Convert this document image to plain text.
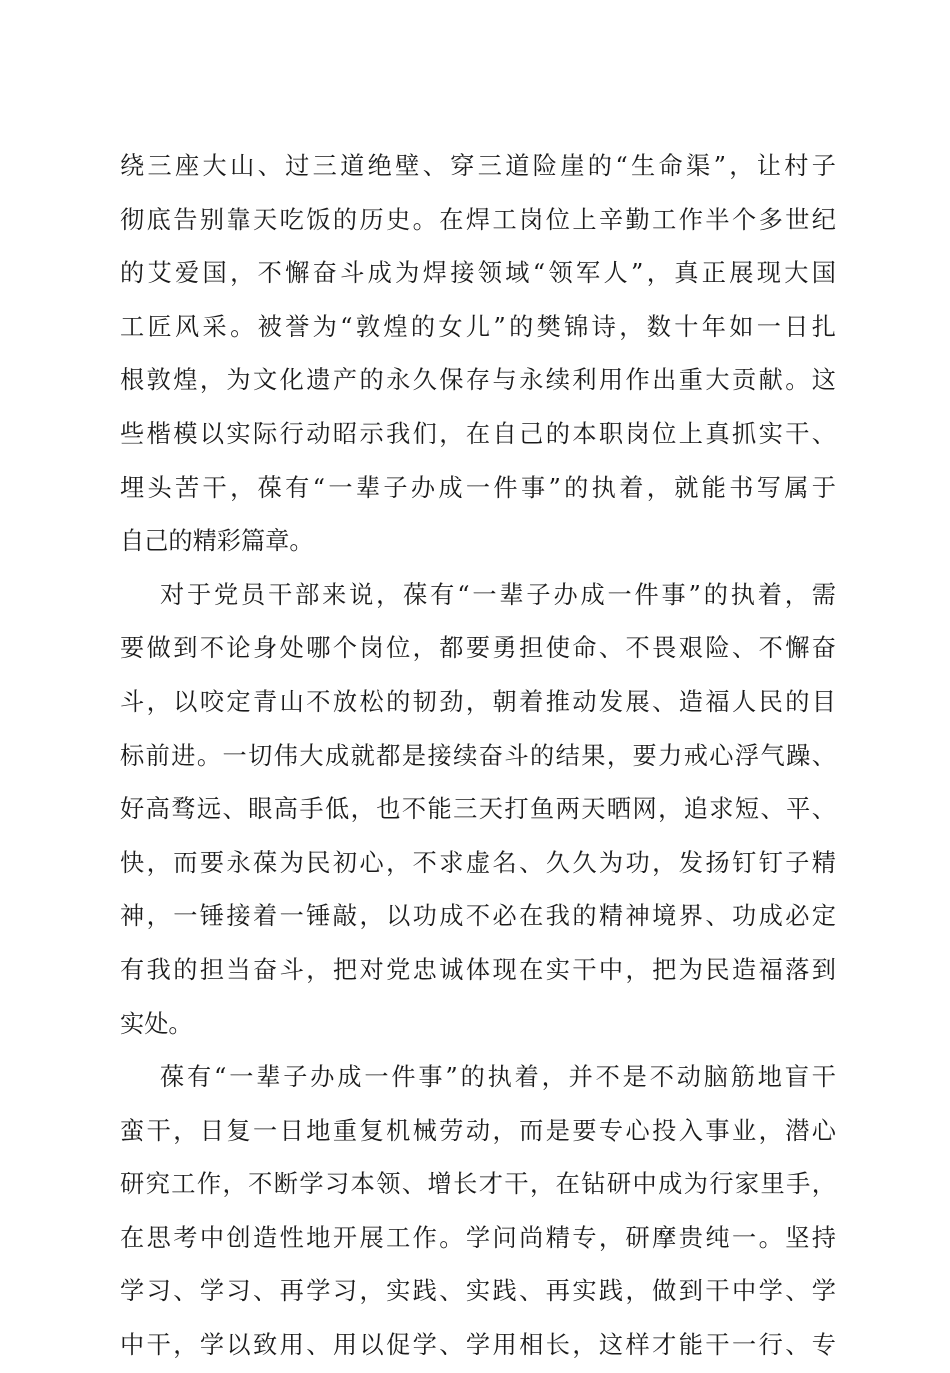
绕三座大山、过三道绝壁、穿三道险崖的“生命渠”，让村子
彻底告别靠天吃饭的历史。在焊工岗位上辛勤工作半个多世纪
的艾爱国，不懈奋斗成为焊接领域“领军人”，真正展现大国
工匠风采。被誉为“敦煌的女儿”的樊锦诗，数十年如一日扎
根敦煌，为文化遗产的永久保存与永续利用作出重大贡献。这
些楷模以实际行动昭示我们，在自己的本职岗位上真抓实干、
埋头苦干，葆有“一辈子办成一件事”的执着，就能书写属于
自己的精彩篇章。
对于党员干部来说，葆有“一辈子办成一件事”的执着，需
要做到不论身处哪个岗位，都要勇担使命、不畏艰险、不懈奋
斗，以咬定青山不放松的韧劲，朝着推动发展、造福人民的目
标前进。一切伟大成就都是接续奋斗的结果，要力戒心浮气躁、
好高骛远、眼高手低，也不能三天打鱼两天晒网，追求短、平、
快，而要永葆为民初心，不求虚名、久久为功，发扬钉钉子精
神，一锤接着一锤敲，以功成不必在我的精神境界、功成必定
有我的担当奋斗，把对党忠诚体现在实干中，把为民造福落到
实处。
葆有“一辈子办成一件事”的执着，并不是不动脑筋地盲干
蛮干，日复一日地重复机械劳动，而是要专心投入事业，潜心
研究工作，不断学习本领、增长才干，在钻研中成为行家里手，
在思考中创造性地开展工作。学问尚精专，研摩贵纯一。坚持
学习、学习、再学习，实践、实践、再实践，做到干中学、学
中干，学以致用、用以促学、学用相长，这样才能干一行、专
